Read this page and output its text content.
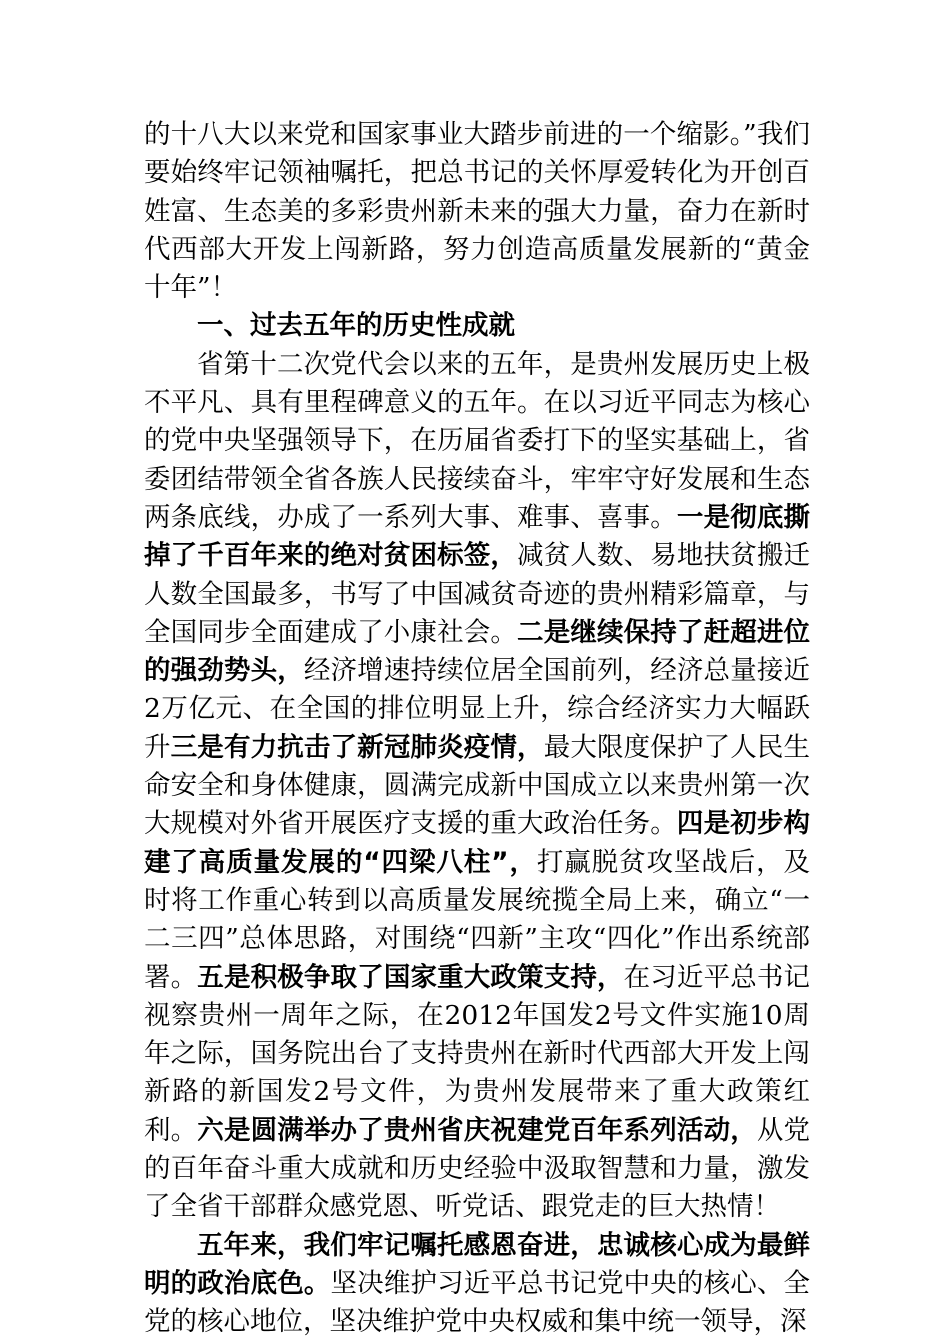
的十八大以来党和国家事业大踏步前进的一个缩影。”我们要始终牢记领袖嘱托，把总书记的关怀厚爱转化为开创百姓富、生态美的多彩贵州新未来的强大力量，奋力在新时代西部大开发上闯新路，努力创造高质量发展新的“黄金十年”！

一、过去五年的历史性成就

省第十二次党代会以来的五年，是贵州发展历史上极不平凡、具有里程碑意义的五年。在以习近平同志为核心的党中央坚强领导下，在历届省委打下的坚实基础上，省委团结带领全省各族人民接续奋斗，牢牢守好发展和生态两条底线，办成了一系列大事、难事、喜事。一是彻底撕掉了千百年来的绝对贫困标签，减贫人数、易地扶贫搬迁人数全国最多，书写了中国减贫奇迹的贵州精彩篇章，与全国同步全面建成了小康社会。二是继续保持了赶超进位的强劲势头，经济增速持续位居全国前列，经济总量接近2万亿元、在全国的排位明显上升，综合经济实力大幅跃升三是有力抗击了新冠肺炎疫情，最大限度保护了人民生命安全和身体健康，圆满完成新中国成立以来贵州第一次大规模对外省开展医疗支援的重大政治任务。四是初步构建了高质量发展的“四梁八柱”，打赢脱贫攻坚战后，及时将工作重心转到以高质量发展统揽全局上来，确立“一二三四”总体思路，对围绕“四新”主攻“四化”作出系统部署。五是积极争取了国家重大政策支持，在习近平总书记视察贵州一周年之际，在2012年国发2号文件实施10周年之际，国务院出台了支持贵州在新时代西部大开发上闯新路的新国发2号文件，为贵州发展带来了重大政策红利。六是圆满举办了贵州省庆祝建党百年系列活动，从党的百年奋斗重大成就和历史经验中汲取智慧和力量，激发了全省干部群众感党恩、听党话、跟党走的巨大热情！

五年来，我们牢记嘱托感恩奋进，忠诚核心成为最鲜明的政治底色。坚决维护习近平总书记党中央的核心、全党的核心地位，坚决维护党中央权威和集中统一领导，深
